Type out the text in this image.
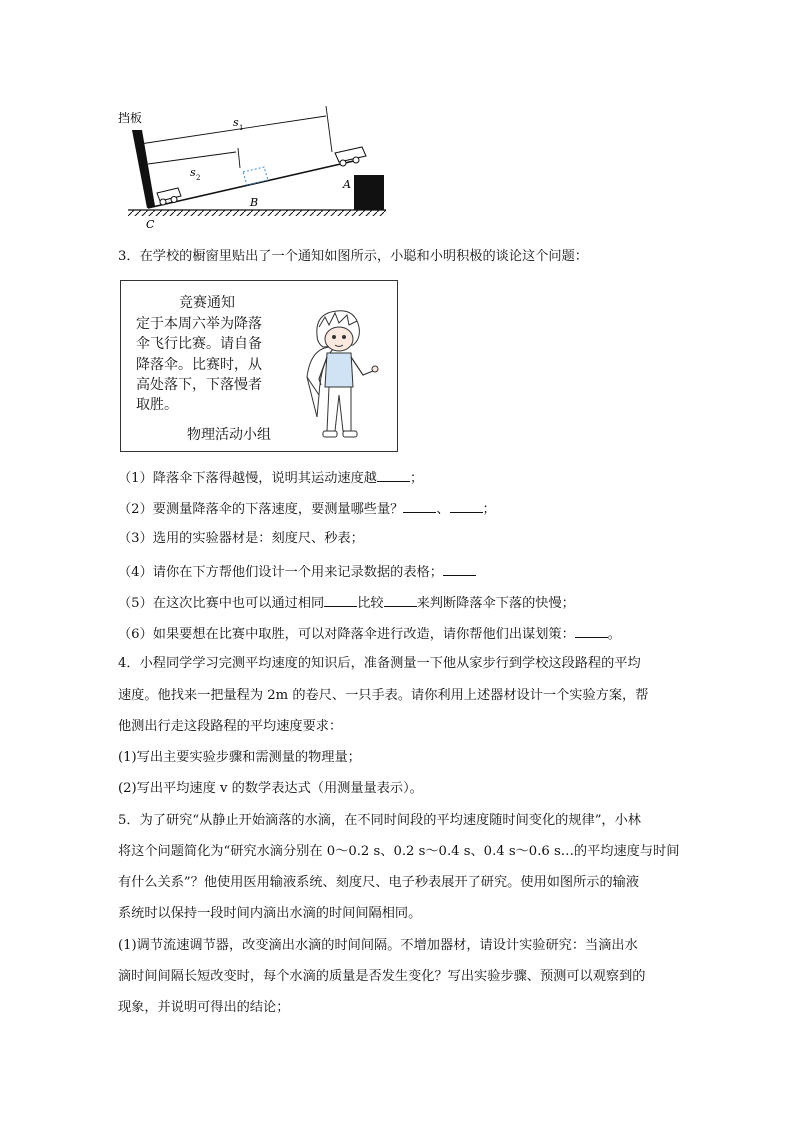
挡板	s 1
s 2	A
B
C
3．在学校的橱窗里贴出了一个通知如图所示，小聪和小明积极的谈论这个问题：
竞赛通知
定于本周六举为降落
伞飞行比赛。请自备
降落伞。比赛时，从
高处落下，下落慢者
取胜。
物理活动小组
（1）降落伞下落得越慢，说明其运动速度越	；
（2）要测量降落伞的下落速度，要测量哪些量？	、	；
（3）选用的实验器材是：刻度尺、秒表；
（4）请你在下方帮他们设计一个用来记录数据的表格；
（5）在这次比赛中也可以通过相同	比较	来判断降落伞下落的快慢；
（6）如果要想在比赛中取胜，可以对降落伞进行改造，请你帮他们出谋划策：	。
4．小程同学学习完测平均速度的知识后，准备测量一下他从家步行到学校这段路程的平均
速度。他找来一把量程为 2m 的卷尺、一只手表。请你利用上述器材设计一个实验方案，帮
他测出行走这段路程的平均速度要求：
(1)写出主要实验步骤和需测量的物理量；
(2)写出平均速度 v 的数学表达式（用测量量表示）。
5．为了研究“从静止开始滴落的水滴，在不同时间段的平均速度随时间变化的规律”，小林
将这个问题简化为“研究水滴分别在 0～0.2 s、0.2 s～0.4 s、0.4 s～0.6 s…的平均速度与时间
有什么关系”？他使用医用输液系统、刻度尺、电子秒表展开了研究。使用如图所示的输液
系统时以保持一段时间内滴出水滴的时间间隔相同。
(1)调节流速调节器，改变滴出水滴的时间间隔。不增加器材，请设计实验研究：当滴出水
滴时间间隔长短改变时，每个水滴的质量是否发生变化？写出实验步骤、预测可以观察到的
现象，并说明可得出的结论；
